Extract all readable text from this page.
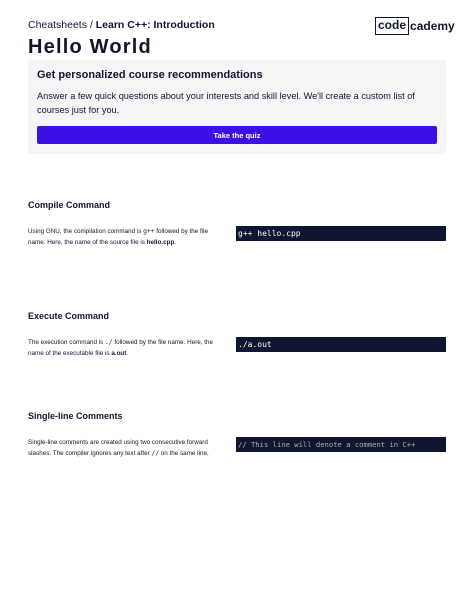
Cheatsheets / Learn C++: Introduction	code cademy
Hello World
Get personalized course recommendations
Answer a few quick questions about your interests and skill level. We'll create a custom list of courses just for you.
Take the quiz
Compile Command
Using GNU, the compilation command is g++ followed by the file name. Here, the name of the source file is hello.cpp.
g++ hello.cpp
Execute Command
The execution command is ./ followed by the file name. Here, the name of the executable file is a.out.
./a.out
Single-line Comments
Single-line comments are created using two consecutive forward slashes. The compiler ignores any text after // on the same line.
// This line will denote a comment in C++
